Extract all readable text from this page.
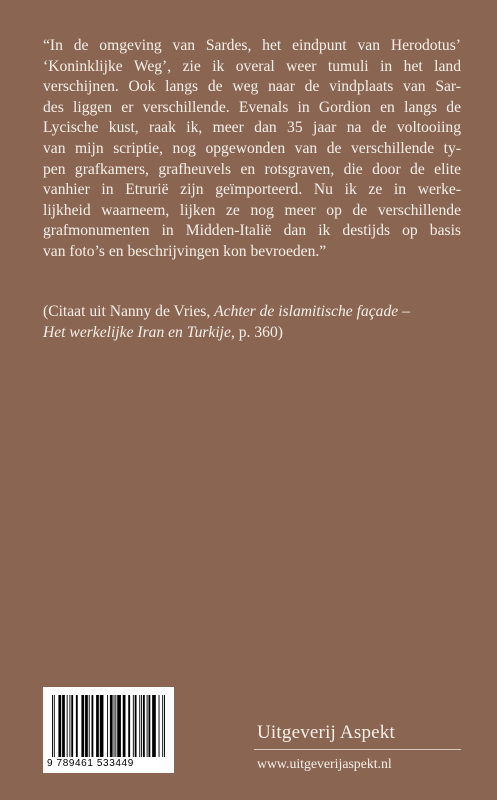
“In de omgeving van Sardes, het eindpunt van Herodotus’
‘Koninklijke Weg’, zie ik overal weer tumuli in het land
verschijnen. Ook langs de weg naar de vindplaats van Sar-
des liggen er verschillende. Evenals in Gordion en langs de
Lycische kust, raak ik, meer dan 35 jaar na de voltooiing
van mijn scriptie, nog opgewonden van de verschillende ty-
pen grafkamers, grafheuvels en rotsgraven, die door de elite
vanhier in Etrurië zijn geïmporteerd. Nu ik ze in werke-
lijkheid waarneem, lijken ze nog meer op de verschillende
grafmonumenten in Midden-Italië dan ik destijds op basis
van foto’s en beschrijvingen kon bevroeden.”

(Citaat uit Nanny de Vries, Achter de islamitische façade –
Het werkelijke Iran en Turkije, p. 360)

9 789461 533449
Uitgeverij Aspekt
www.uitgeverijaspekt.nl
